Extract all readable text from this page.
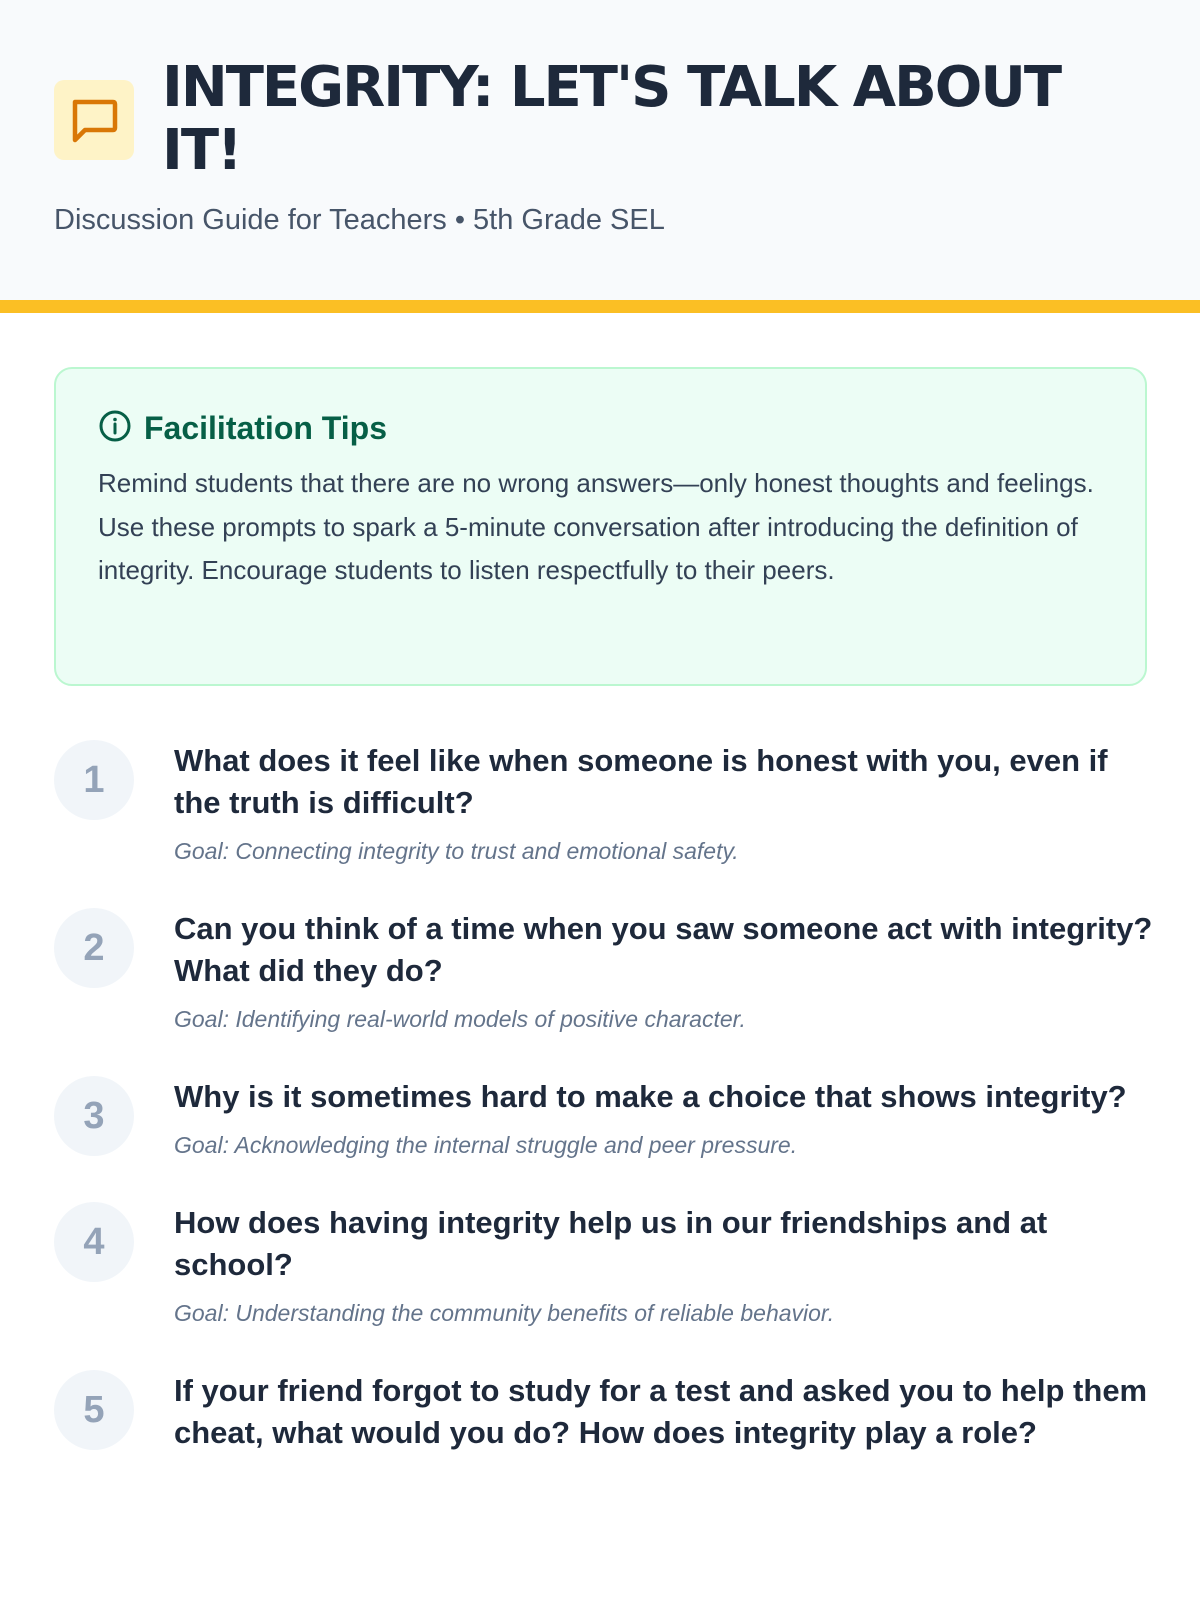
INTEGRITY: LET'S TALK ABOUT IT!
Discussion Guide for Teachers • 5th Grade SEL
Facilitation Tips

Remind students that there are no wrong answers—only honest thoughts and feelings. Use these prompts to spark a 5-minute conversation after introducing the definition of integrity. Encourage students to listen respectfully to their peers.

1	What does it feel like when someone is honest with you, even if the truth is difficult?
Goal: Connecting integrity to trust and emotional safety.
2	Can you think of a time when you saw someone act with integrity? What did they do?
Goal: Identifying real-world models of positive character.
3	Why is it sometimes hard to make a choice that shows integrity?
Goal: Acknowledging the internal struggle and peer pressure.
4	How does having integrity help us in our friendships and at school?
Goal: Understanding the community benefits of reliable behavior.
5	If your friend forgot to study for a test and asked you to help them cheat, what would you do? How does integrity play a role?
